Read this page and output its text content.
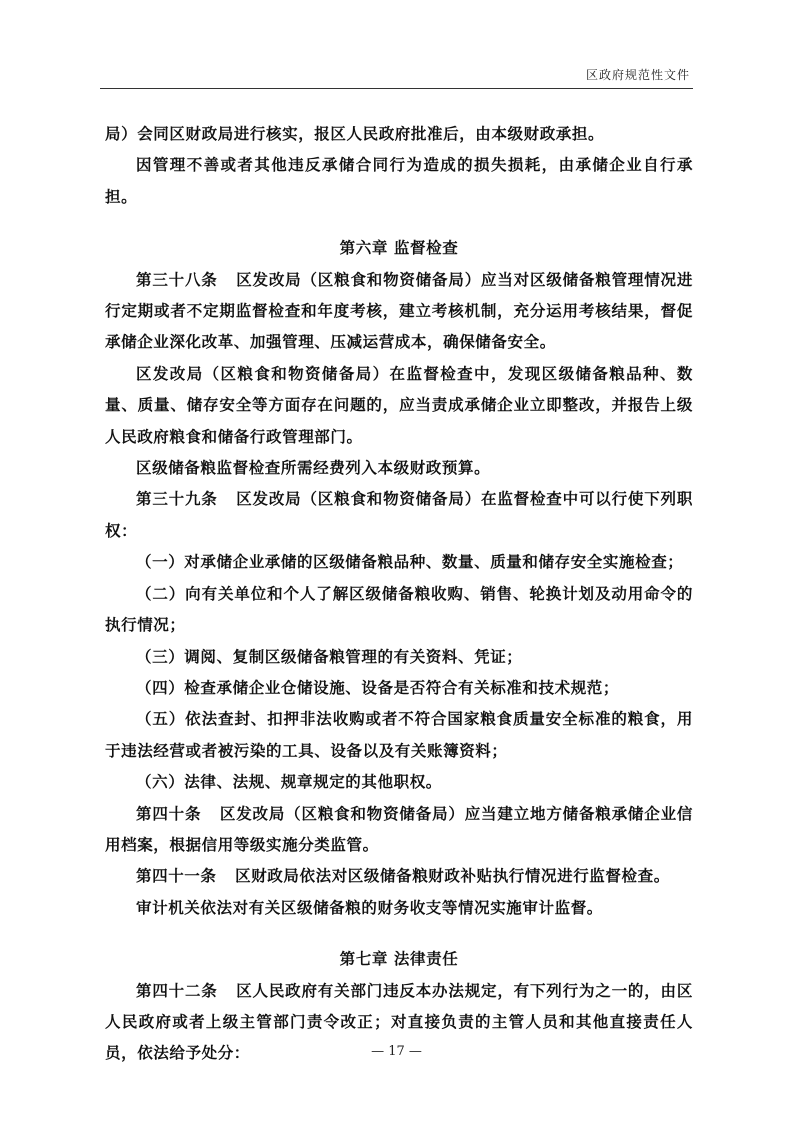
区政府规范性文件

局）会同区财政局进行核实，报区人民政府批准后，由本级财政承担。

因管理不善或者其他违反承储合同行为造成的损失损耗，由承储企业自行承担。

第六章 监督检查

第三十八条 区发改局（区粮食和物资储备局）应当对区级储备粮管理情况进行定期或者不定期监督检查和年度考核，建立考核机制，充分运用考核结果，督促承储企业深化改革、加强管理、压减运营成本，确保储备安全。

区发改局（区粮食和物资储备局）在监督检查中，发现区级储备粮品种、数量、质量、储存安全等方面存在问题的，应当责成承储企业立即整改，并报告上级人民政府粮食和储备行政管理部门。

区级储备粮监督检查所需经费列入本级财政预算。

第三十九条 区发改局（区粮食和物资储备局）在监督检查中可以行使下列职权：

（一）对承储企业承储的区级储备粮品种、数量、质量和储存安全实施检查；

（二）向有关单位和个人了解区级储备粮收购、销售、轮换计划及动用命令的执行情况；

（三）调阅、复制区级储备粮管理的有关资料、凭证；

（四）检查承储企业仓储设施、设备是否符合有关标准和技术规范；

（五）依法查封、扣押非法收购或者不符合国家粮食质量安全标准的粮食，用于违法经营或者被污染的工具、设备以及有关账簿资料；

（六）法律、法规、规章规定的其他职权。

第四十条 区发改局（区粮食和物资储备局）应当建立地方储备粮承储企业信用档案，根据信用等级实施分类监管。

第四十一条 区财政局依法对区级储备粮财政补贴执行情况进行监督检查。

审计机关依法对有关区级储备粮的财务收支等情况实施审计监督。

第七章 法律责任

第四十二条 区人民政府有关部门违反本办法规定，有下列行为之一的，由区人民政府或者上级主管部门责令改正；对直接负责的主管人员和其他直接责任人员，依法给予处分：	— 17 —
